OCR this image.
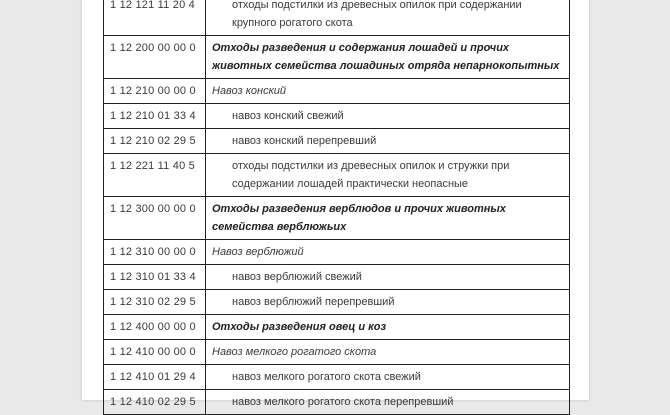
1 12 121 11 20 4	отходы подстилки из древесных опилок при содержании крупного рогатого скота
1 12 200 00 00 0	Отходы разведения и содержания лошадей и прочих животных семейства лошадиных отряда непарнокопытных
1 12 210 00 00 0	Навоз конский
1 12 210 01 33 4	навоз конский свежий
1 12 210 02 29 5	навоз конский перепревший
1 12 221 11 40 5	отходы подстилки из древесных опилок и стружки при содержании лошадей практически неопасные
1 12 300 00 00 0	Отходы разведения верблюдов и прочих животных семейства верблюжьих
1 12 310 00 00 0	Навоз верблюжий
1 12 310 01 33 4	навоз верблюжий свежий
1 12 310 02 29 5	навоз верблюжий перепревший
1 12 400 00 00 0	Отходы разведения овец и коз
1 12 410 00 00 0	Навоз мелкого рогатого скота
1 12 410 01 29 4	навоз мелкого рогатого скота свежий
1 12 410 02 29 5	навоз мелкого рогатого скота перепревший
